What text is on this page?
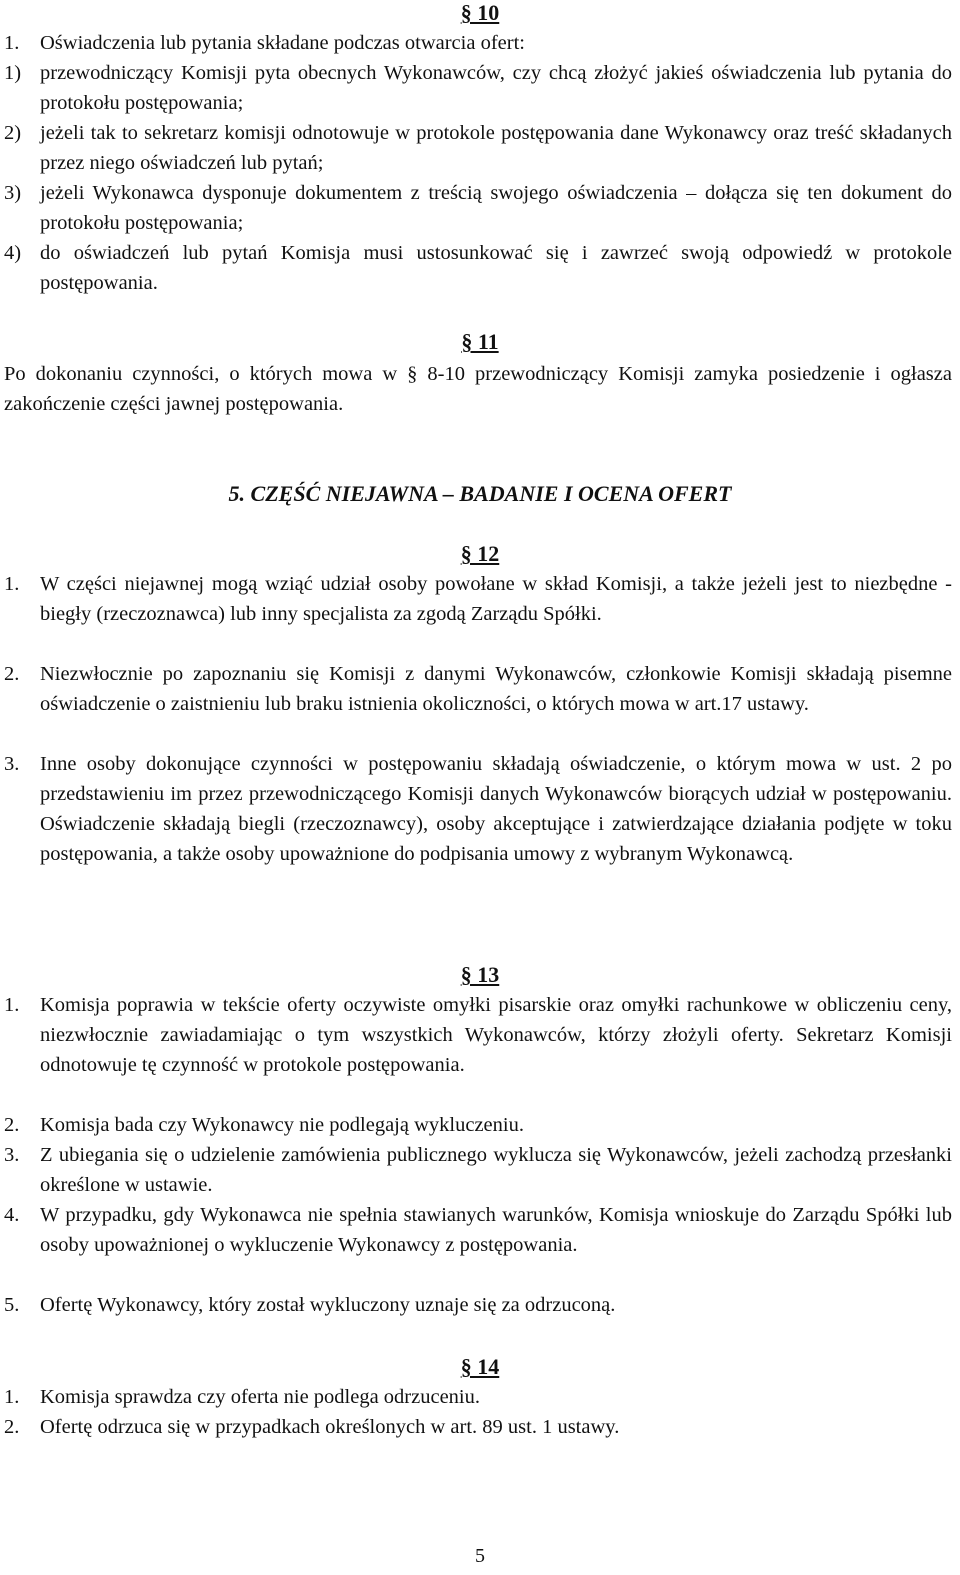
§ 10
1. Oświadczenia lub pytania składane podczas otwarcia ofert:
1) przewodniczący Komisji pyta obecnych Wykonawców, czy chcą złożyć jakieś oświadczenia lub pytania do protokołu postępowania;
2) jeżeli tak to sekretarz komisji odnotowuje w protokole postępowania dane Wykonawcy oraz treść składanych przez niego oświadczeń lub pytań;
3) jeżeli Wykonawca dysponuje dokumentem z treścią swojego oświadczenia – dołącza się ten dokument do protokołu postępowania;
4) do oświadczeń lub pytań Komisja musi ustosunkować się i zawrzeć swoją odpowiedź w protokole postępowania.
§ 11
Po dokonaniu czynności, o których mowa w § 8-10 przewodniczący Komisji zamyka posiedzenie i ogłasza zakończenie części jawnej postępowania.
5. CZĘŚĆ NIEJAWNA – BADANIE I OCENA OFERT
§ 12
1. W części niejawnej mogą wziąć udział osoby powołane w skład Komisji, a także jeżeli jest to niezbędne - biegły (rzeczoznawca) lub inny specjalista za zgodą Zarządu Spółki.
2. Niezwłocznie po zapoznaniu się Komisji z danymi Wykonawców, członkowie Komisji składają pisemne oświadczenie o zaistnieniu lub braku istnienia okoliczności, o których mowa w art.17 ustawy.
3. Inne osoby dokonujące czynności w postępowaniu składają oświadczenie, o którym mowa w ust. 2 po przedstawieniu im przez przewodniczącego Komisji danych Wykonawców biorących udział w postępowaniu. Oświadczenie składają biegli (rzeczoznawcy), osoby akceptujące i zatwierdzające działania podjęte w toku postępowania, a także osoby upoważnione do podpisania umowy z wybranym Wykonawcą.
§ 13
1. Komisja poprawia w tekście oferty oczywiste omyłki pisarskie oraz omyłki rachunkowe w obliczeniu ceny, niezwłocznie zawiadamiając o tym wszystkich Wykonawców, którzy złożyli oferty. Sekretarz Komisji odnotowuje tę czynność w protokole postępowania.
2. Komisja bada czy Wykonawcy nie podlegają wykluczeniu.
3. Z ubiegania się o udzielenie zamówienia publicznego wyklucza się Wykonawców, jeżeli zachodzą przesłanki określone w ustawie.
4. W przypadku, gdy Wykonawca nie spełnia stawianych warunków, Komisja wnioskuje do Zarządu Spółki lub osoby upoważnionej o wykluczenie Wykonawcy z postępowania.
5. Ofertę Wykonawcy, który został wykluczony uznaje się za odrzuconą.
§ 14
1. Komisja sprawdza czy oferta nie podlega odrzuceniu.
2. Ofertę odrzuca się w przypadkach określonych w art. 89 ust. 1 ustawy.
5
